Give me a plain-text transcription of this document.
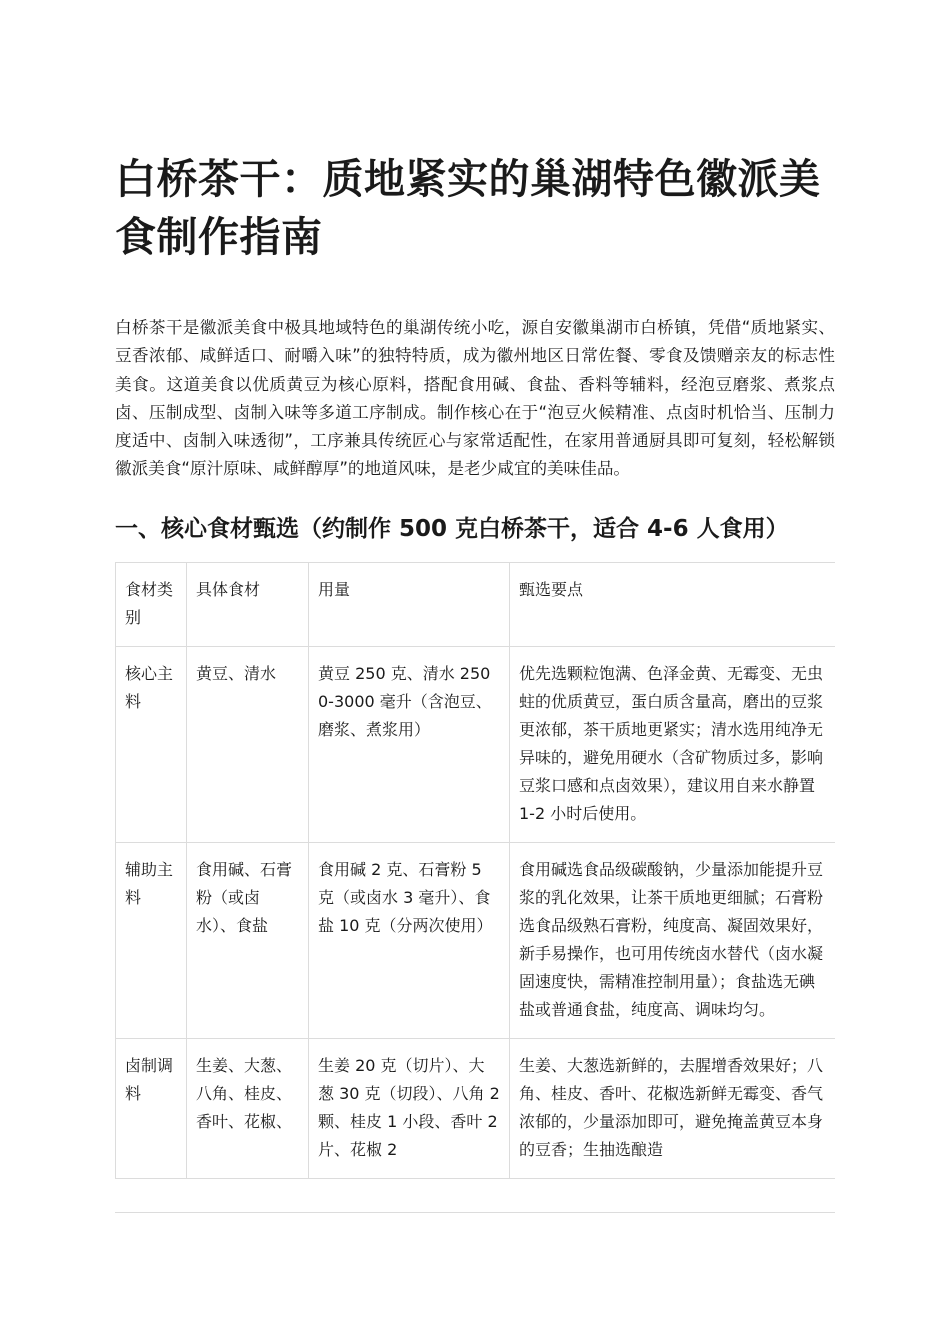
白桥茶干：质地紧实的巢湖特色徽派美食制作指南

白桥茶干是徽派美食中极具地域特色的巢湖传统小吃，源自安徽巢湖市白桥镇，凭借“质地紧实、豆香浓郁、咸鲜适口、耐嚼入味”的独特特质，成为徽州地区日常佐餐、零食及馈赠亲友的标志性美食。这道美食以优质黄豆为核心原料，搭配食用碱、食盐、香料等辅料，经泡豆磨浆、煮浆点卤、压制成型、卤制入味等多道工序制成。制作核心在于“泡豆火候精准、点卤时机恰当、压制力度适中、卤制入味透彻”，工序兼具传统匠心与家常适配性，在家用普通厨具即可复刻，轻松解锁徽派美食“原汁原味、咸鲜醇厚”的地道风味，是老少咸宜的美味佳品。

一、核心食材甄选（约制作 500 克白桥茶干，适合 4-6 人食用）
食材类别	具体食材	用量	甄选要点
核心主料	黄豆、清水	黄豆 250 克、清水 2500-3000 毫升（含泡豆、磨浆、煮浆用）	优先选颗粒饱满、色泽金黄、无霉变、无虫蛀的优质黄豆，蛋白质含量高，磨出的豆浆更浓郁，茶干质地更紧实；清水选用纯净无异味的，避免用硬水（含矿物质过多，影响豆浆口感和点卤效果），建议用自来水静置 1-2 小时后使用。
辅助主料	食用碱、石膏粉（或卤水）、食盐	食用碱 2 克、石膏粉 5 克（或卤水 3 毫升）、食盐 10 克（分两次使用）	食用碱选食品级碳酸钠，少量添加能提升豆浆的乳化效果，让茶干质地更细腻；石膏粉选食品级熟石膏粉，纯度高、凝固效果好，新手易操作，也可用传统卤水替代（卤水凝固速度快，需精准控制用量）；食盐选无碘盐或普通食盐，纯度高、调味均匀。
卤制调料	生姜、大葱、八角、桂皮、香叶、花椒、	生姜 20 克（切片）、大葱 30 克（切段）、八角 2 颗、桂皮 1 小段、香叶 2 片、花椒 2	生姜、大葱选新鲜的，去腥增香效果好；八角、桂皮、香叶、花椒选新鲜无霉变、香气浓郁的，少量添加即可，避免掩盖黄豆本身的豆香；生抽选酿造
